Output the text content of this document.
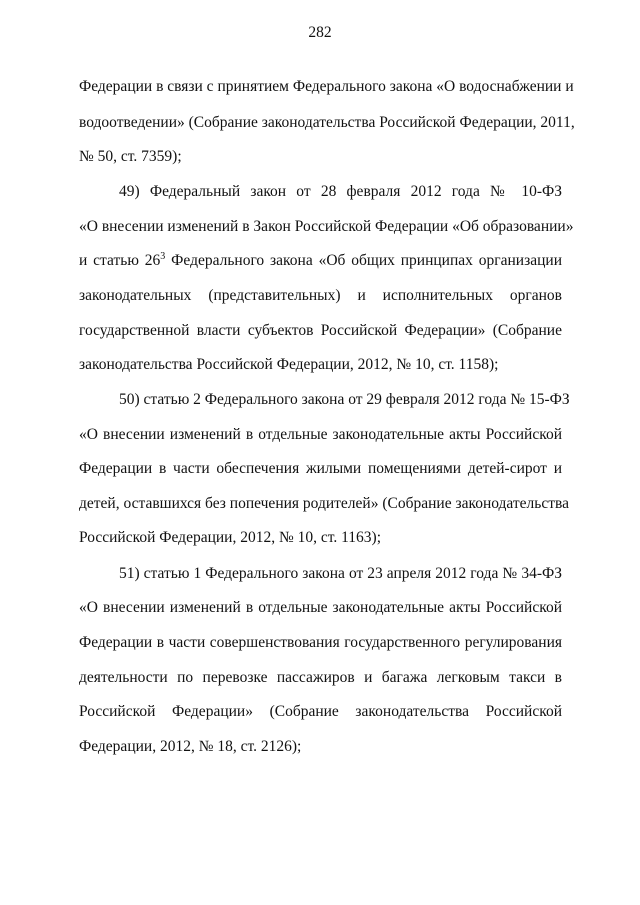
282
Федерации в связи с принятием Федерального закона «О водоснабжении и
водоотведении» (Собрание законодательства Российской Федерации, 2011,
№ 50, ст. 7359);
49) Федеральный закон от 28 февраля 2012 года № 10-ФЗ
«О внесении изменений в Закон Российской Федерации «Об образовании»
и статью $26^3$ Федерального закона «Об общих принципах организации
законодательных (представительных) и исполнительных органов
государственной власти субъектов Российской Федерации» (Собрание
законодательства Российской Федерации, 2012, № 10, ст. 1158);
50) статью 2 Федерального закона от 29 февраля 2012 года № 15-ФЗ
«О внесении изменений в отдельные законодательные акты Российской
Федерации в части обеспечения жилыми помещениями детей-сирот и
детей, оставшихся без попечения родителей» (Собрание законодательства
Российской Федерации, 2012, № 10, ст. 1163);
51) статью 1 Федерального закона от 23 апреля 2012 года № 34-ФЗ
«О внесении изменений в отдельные законодательные акты Российской
Федерации в части совершенствования государственного регулирования
деятельности по перевозке пассажиров и багажа легковым такси в
Российской Федерации» (Собрание законодательства Российской
Федерации, 2012, № 18, ст. 2126);
